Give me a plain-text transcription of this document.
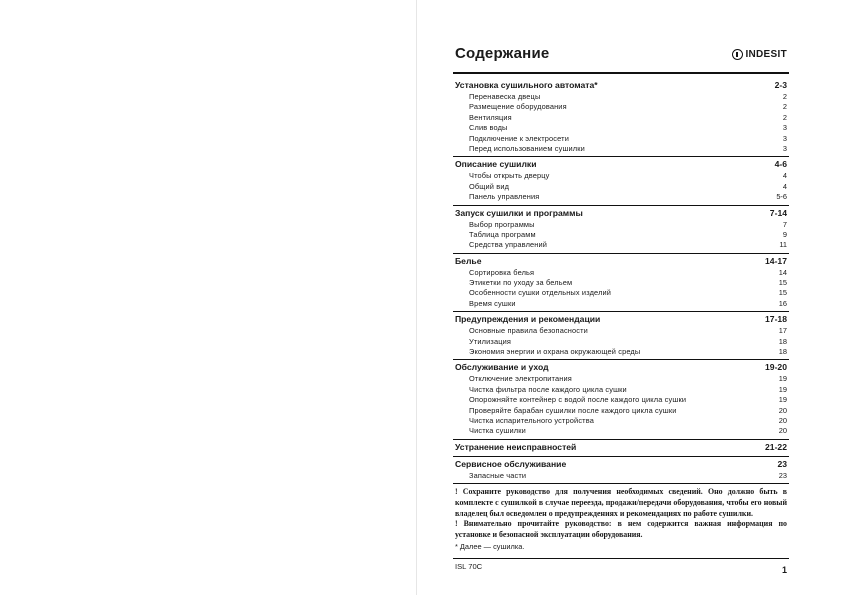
Содержание	INDESIT
Установка сушильного автомата*	2-3
Перенавеска двецы	2
Размещение оборудования	2
Вентиляция	2
Слив воды	3
Подключение к электросети	3
Перед использованием сушилки	3
Описание сушилки	4-6
Чтобы открыть дверцу	4
Общий вид	4
Панель управления	5-6
Запуск сушилки и программы	7-14
Выбор программы	7
Таблица программ	9
Средства управлений	11
Белье	14-17
Сортировка белья	14
Этикетки по уходу за бельем	15
Особенности сушки отдельных изделий	15
Время сушки	16
Предупреждения и рекомендации	17-18
Основные правила безопасности	17
Утилизация	18
Экономия энергии и охрана окружающей среды	18
Обслуживание и уход	19-20
Отключение электропитания	19
Чистка фильтра после каждого цикла сушки	19
Опорожняйте контейнер с водой после каждого цикла сушки	19
Проверяйте барабан сушилки после каждого цикла сушки	20
Чистка испарительного устройства	20
Чистка сушилки	20
Устранение неисправностей	21-22
Сервисное обслуживание	23
Запасные части	23

! Сохраните руководство для получения необходимых сведений. Оно должно быть в комплекте с сушилкой в случае переезда, продажи/передачи оборудования, чтобы его новый владелец был осведомлен о предупреждениях и рекомендациях по работе сушилки.

! Внимательно прочитайте руководство: в нем содержится важная информация по установке и безопасной эксплуатации оборудования.

* Далее — сушилка.
ISL 70C	1
